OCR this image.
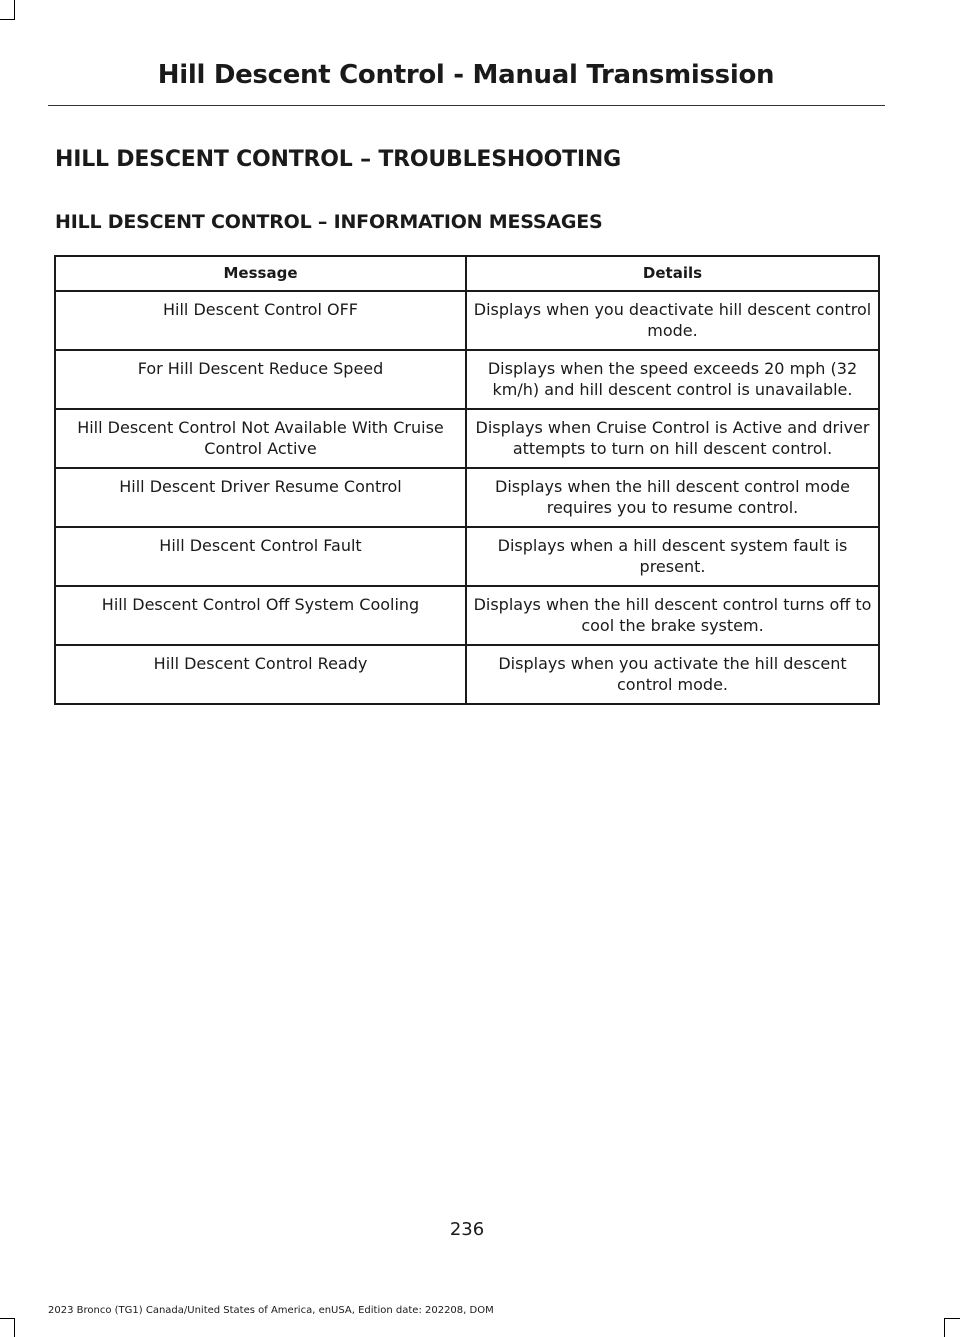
Hill Descent Control - Manual Transmission
HILL DESCENT CONTROL – TROUBLESHOOTING
HILL DESCENT CONTROL – INFORMATION MESSAGES
Message	Details
Hill Descent Control OFF	Displays when you deactivate hill descent control mode.
For Hill Descent Reduce Speed	Displays when the speed exceeds 20 mph (32 km/h) and hill descent control is unavailable.
Hill Descent Control Not Available With Cruise Control Active	Displays when Cruise Control is Active and driver attempts to turn on hill descent control.
Hill Descent Driver Resume Control	Displays when the hill descent control mode requires you to resume control.
Hill Descent Control Fault	Displays when a hill descent system fault is present.
Hill Descent Control Off System Cooling	Displays when the hill descent control turns off to cool the brake system.
Hill Descent Control Ready	Displays when you activate the hill descent control mode.
236
2023 Bronco (TG1) Canada/United States of America, enUSA, Edition date: 202208, DOM
